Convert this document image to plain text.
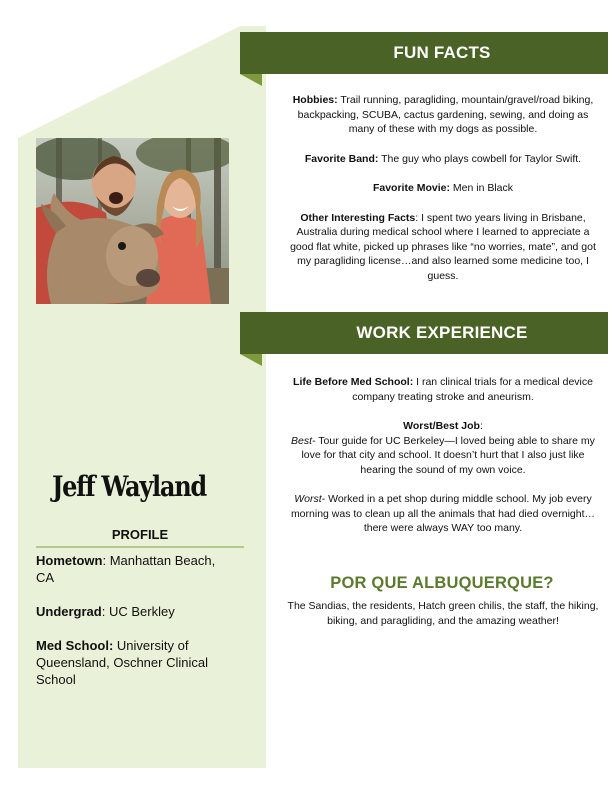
Jeff Wayland
PROFILE
Hometown: Manhattan Beach, CA
Undergrad: UC Berkley
Med School: University of Queensland, Oschner Clinical School
FUN FACTS

Hobbies: Trail running, paragliding, mountain/gravel/road biking, backpacking, SCUBA, cactus gardening, sewing, and doing as many of these with my dogs as possible.

Favorite Band: The guy who plays cowbell for Taylor Swift.

Favorite Movie: Men in Black

Other Interesting Facts: I spent two years living in Brisbane, Australia during medical school where I learned to appreciate a good flat white, picked up phrases like “no worries, mate”, and got my paragliding license…and also learned some medicine too, I guess.

WORK EXPERIENCE

Life Before Med School: I ran clinical trials for a medical device company treating stroke and aneurism.

Worst/Best Job:
Best- Tour guide for UC Berkeley—I loved being able to share my love for that city and school. It doesn’t hurt that I also just like hearing the sound of my own voice.

Worst- Worked in a pet shop during middle school. My job every morning was to clean up all the animals that had died overnight…there were always WAY too many.

POR QUE ALBUQUERQUE?

The Sandias, the residents, Hatch green chilis, the staff, the hiking, biking, and paragliding, and the amazing weather!
